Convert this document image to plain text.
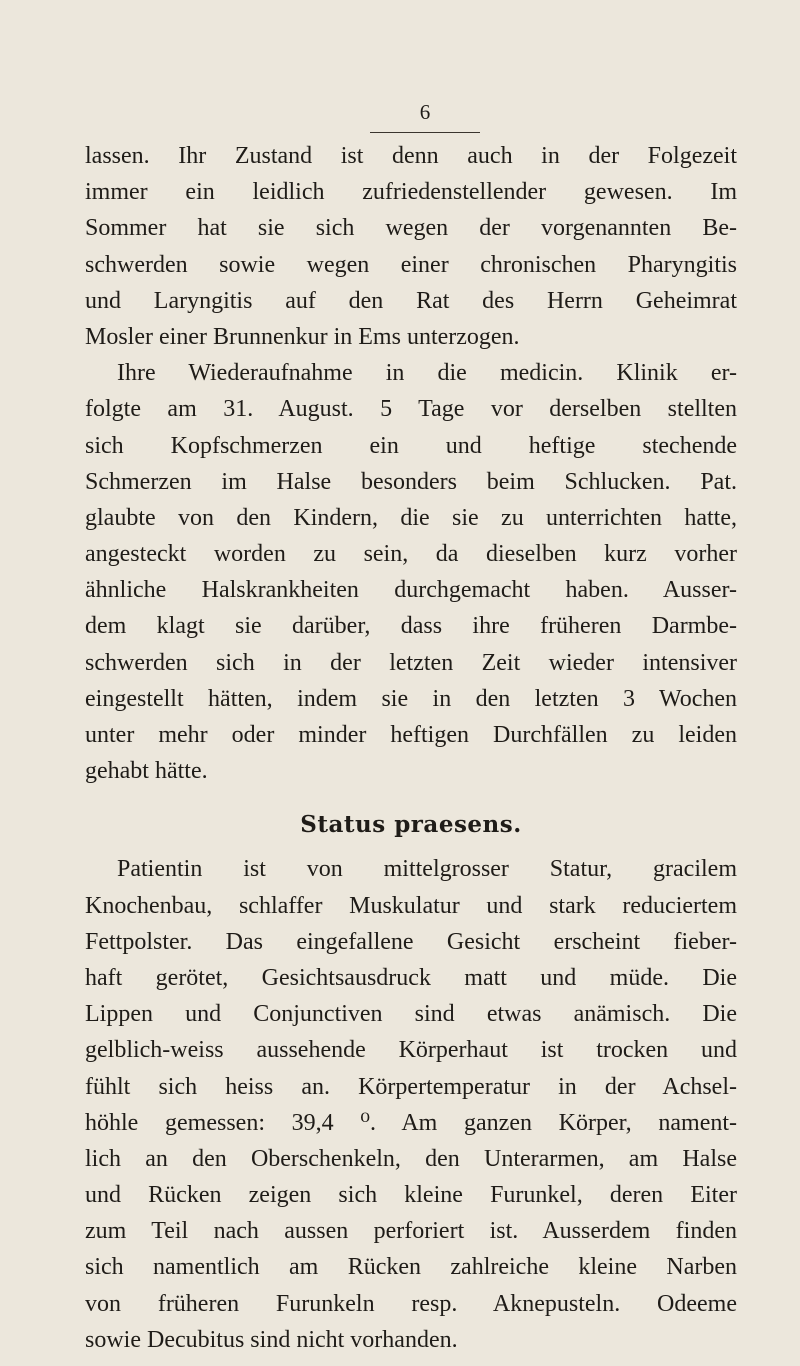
6
lassen. Ihr Zustand ist denn auch in der Folgezeit
immer ein leidlich zufriedenstellender gewesen. Im
Sommer hat sie sich wegen der vorgenannten Be-
schwerden sowie wegen einer chronischen Pharyngitis
und Laryngitis auf den Rat des Herrn Geheimrat
Mosler einer Brunnenkur in Ems unterzogen.
Ihre Wiederaufnahme in die medicin. Klinik er-
folgte am 31. August. 5 Tage vor derselben stellten
sich Kopfschmerzen ein und heftige stechende
Schmerzen im Halse besonders beim Schlucken. Pat.
glaubte von den Kindern, die sie zu unterrichten hatte,
angesteckt worden zu sein, da dieselben kurz vorher
ähnliche Halskrankheiten durchgemacht haben. Ausser-
dem klagt sie darüber, dass ihre früheren Darmbe-
schwerden sich in der letzten Zeit wieder intensiver
eingestellt hätten, indem sie in den letzten 3 Wochen
unter mehr oder minder heftigen Durchfällen zu leiden
gehabt hätte.
Status praesens.
Patientin ist von mittelgrosser Statur, gracilem
Knochenbau, schlaffer Muskulatur und stark reduciertem
Fettpolster. Das eingefallene Gesicht erscheint fieber-
haft gerötet, Gesichtsausdruck matt und müde. Die
Lippen und Conjunctiven sind etwas anämisch. Die
gelblich-weiss aussehende Körperhaut ist trocken und
fühlt sich heiss an. Körpertemperatur in der Achsel-
höhle gemessen: 39,4 ⁰. Am ganzen Körper, nament-
lich an den Oberschenkeln, den Unterarmen, am Halse
und Rücken zeigen sich kleine Furunkel, deren Eiter
zum Teil nach aussen perforiert ist. Ausserdem finden
sich namentlich am Rücken zahlreiche kleine Narben
von früheren Furunkeln resp. Aknepusteln. Odeeme
sowie Decubitus sind nicht vorhanden.
